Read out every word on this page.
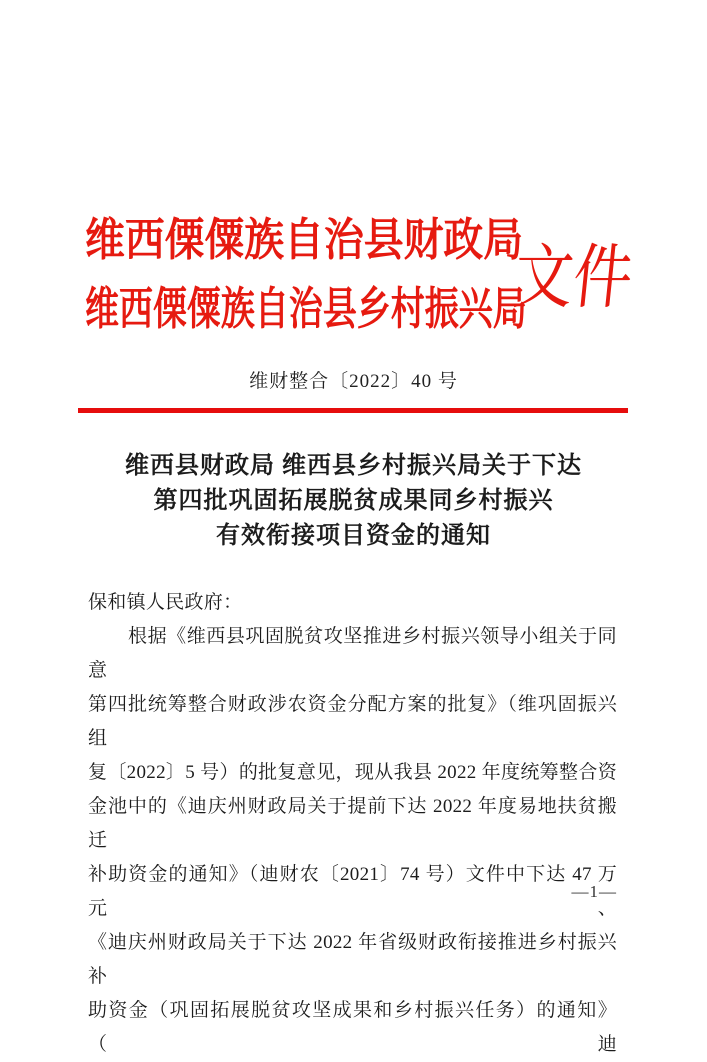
维西傈僳族自治县财政局
维西傈僳族自治县乡村振兴局
文件
维财整合〔2022〕40 号
维西县财政局 维西县乡村振兴局关于下达
第四批巩固拓展脱贫成果同乡村振兴
有效衔接项目资金的通知
保和镇人民政府：
根据《维西县巩固脱贫攻坚推进乡村振兴领导小组关于同意
第四批统筹整合财政涉农资金分配方案的批复》（维巩固振兴组
复〔2022〕5 号）的批复意见，现从我县 2022 年度统筹整合资
金池中的《迪庆州财政局关于提前下达 2022 年度易地扶贫搬迁
补助资金的通知》（迪财农〔2021〕74 号）文件中下达 47 万元、
《迪庆州财政局关于下达 2022 年省级财政衔接推进乡村振兴补
助资金（巩固拓展脱贫攻坚成果和乡村振兴任务）的通知》（迪
—1—
